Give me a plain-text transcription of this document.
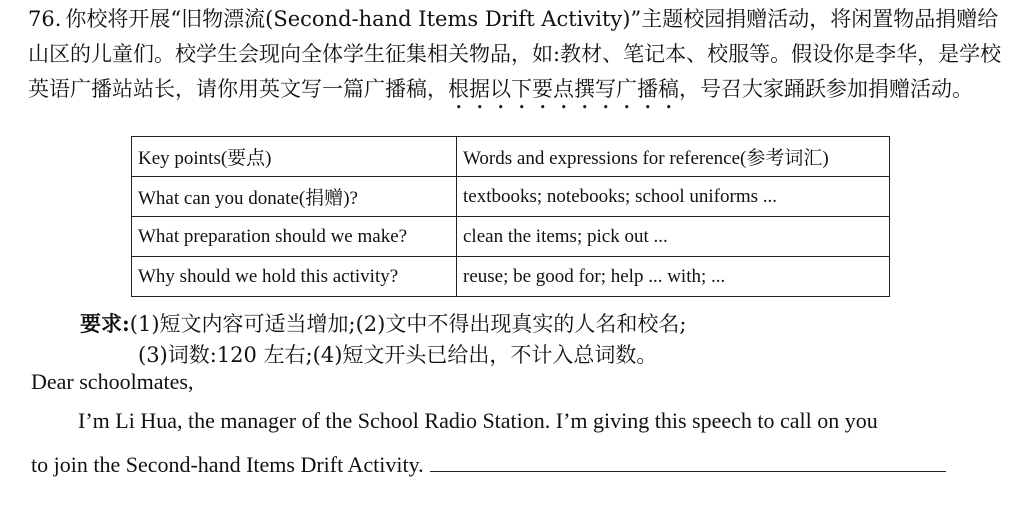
76. 你校将开展“旧物漂流(Second-hand Items Drift Activity)”主题校园捐赠活动，将闲置物品捐赠给山区的儿童们。校学生会现向全体学生征集相关物品，如:教材、笔记本、校服等。假设你是李华，是学校英语广播站站长，请你用英文写一篇广播稿，根据以下要点撰写广播稿，号召大家踊跃参加捐赠活动。
Key points(要点)	Words and expressions for reference(参考词汇)
What can you donate(捐赠)?	textbooks; notebooks; school uniforms ...
What preparation should we make?	clean the items; pick out ...
Why should we hold this activity?	reuse; be good for; help ... with; ...
要求:(1)短文内容可适当增加;(2)文中不得出现真实的人名和校名;
(3)词数:120 左右;(4)短文开头已给出，不计入总词数。

Dear schoolmates,

I’m Li Hua, the manager of the School Radio Station. I’m giving this speech to call on you

to join the Second-hand Items Drift Activity.
